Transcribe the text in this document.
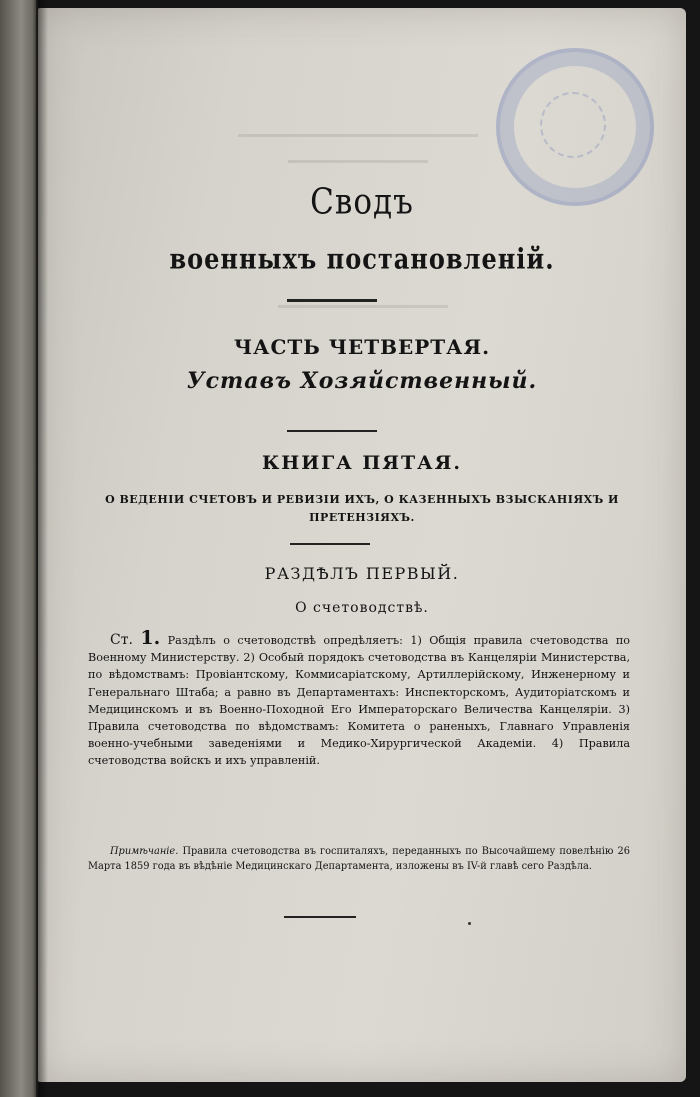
Сводъ
военныхъ постановленій.
ЧАСТЬ ЧЕТВЕРТАЯ.
Уставъ Хозяйственный.
КНИГА ПЯТАЯ.
О ВЕДЕНІИ СЧЕТОВЪ И РЕВИЗІИ ИХЪ, О КАЗЕННЫХЪ ВЗЫСКАНІЯХЪ И ПРЕТЕНЗІЯХЪ.
РАЗДѢЛЪ ПЕРВЫЙ.
О счетоводствѣ.
Ст. 1. Раздѣлъ о счетоводствѣ опредѣляетъ: 1) Общія правила счетоводства по Военному Министерству. 2) Особый порядокъ счетоводства въ Канцеляріи Министерства, по вѣдомствамъ: Провіантскому, Коммисаріатскому, Артиллерійскому, Инженерному и Генеральнаго Штаба; а равно въ Департаментахъ: Инспекторскомъ, Аудиторіатскомъ и Медицинскомъ и въ Военно-Походной Его Императорскаго Величества Канцеляріи. 3) Правила счетоводства по вѣдомствамъ: Комитета о раненыхъ, Главнаго Управленія военно-учебными заведеніями и Медико-Хирургической Академіи. 4) Правила счетоводства войскъ и ихъ управленій.
Примѣчаніе. Правила счетоводства въ госпиталяхъ, переданныхъ по Высочайшему повелѣнію 26 Марта 1859 года въ вѣдѣніе Медицинскаго Департамента, изложены въ IV-й главѣ сего Раздѣла.
